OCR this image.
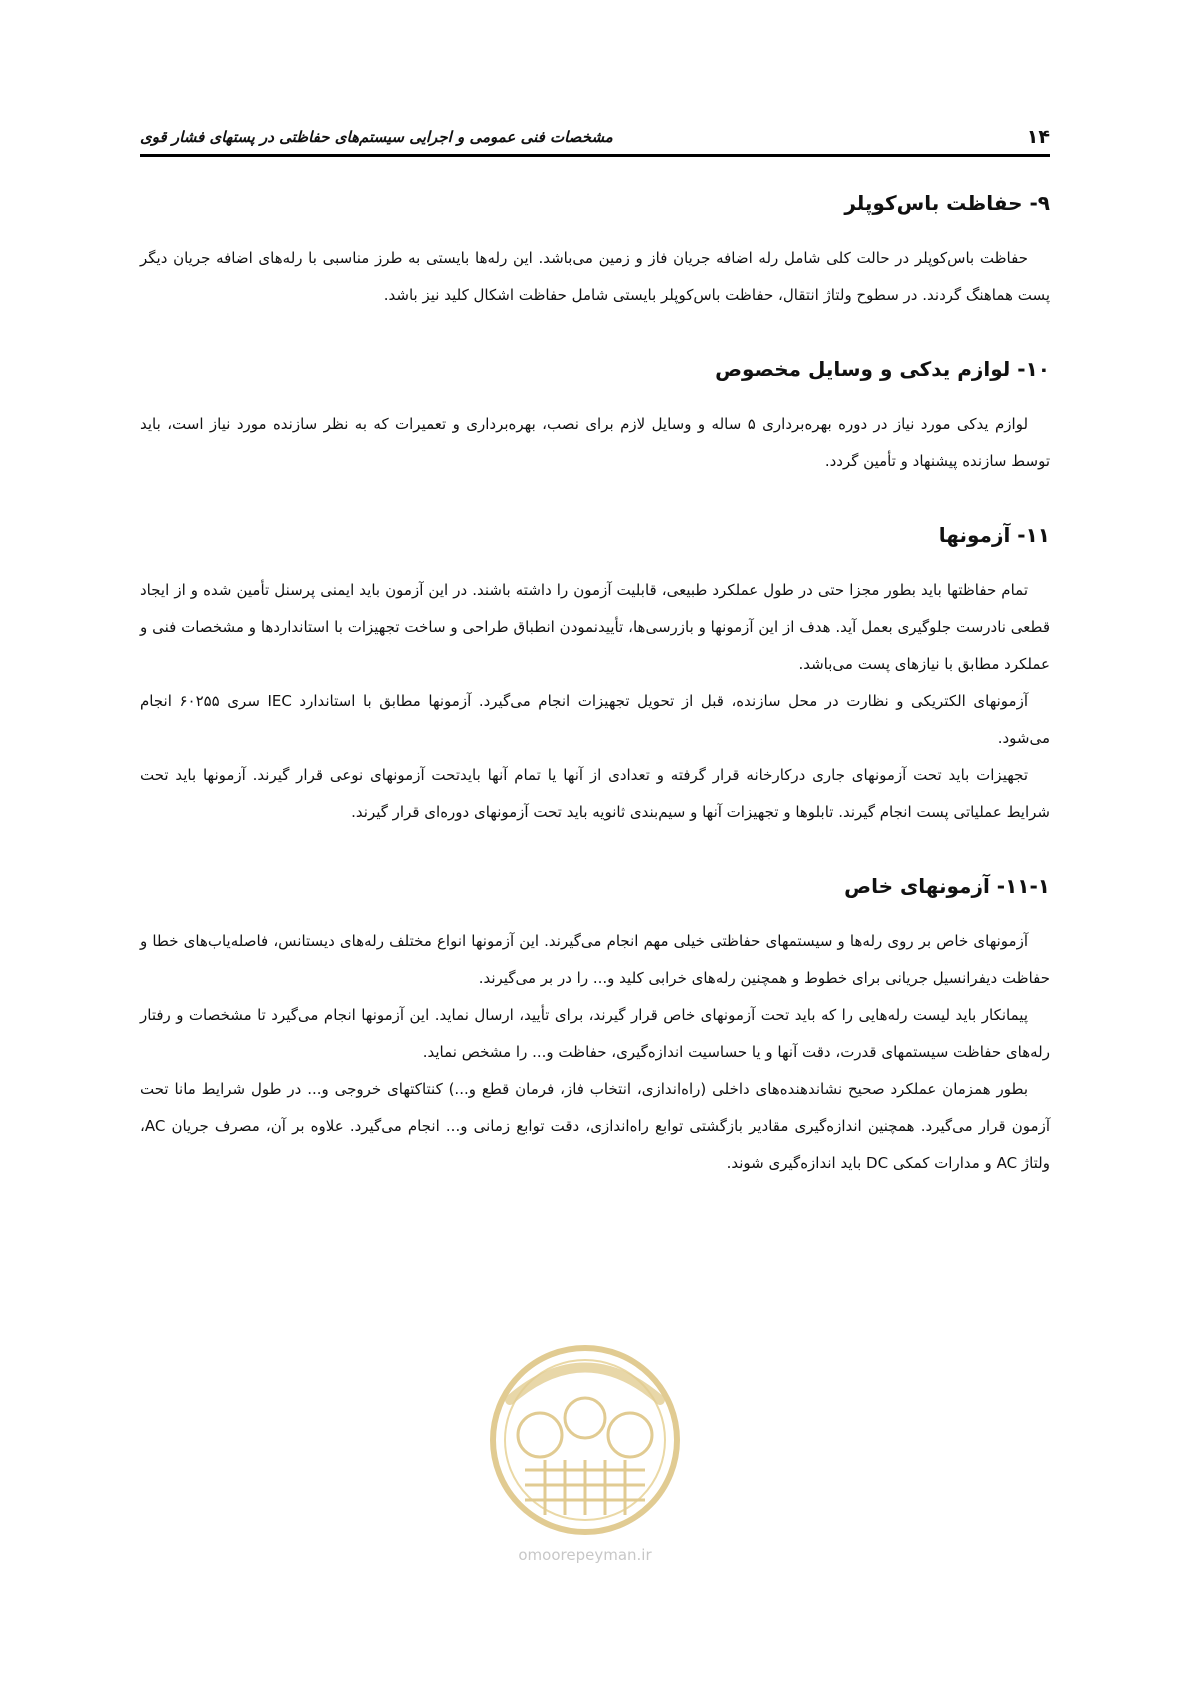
۱۴
مشخصات فنی عمومی و اجرایی سیستم‌های حفاظتی در پستهای فشار قوی
۹- حفاظت باس‌کوپلر

حفاظت باس‌کوپلر در حالت کلی شامل رله اضافه جریان فاز و زمین می‌باشد. این رله‌ها بایستی به طرز مناسبی با رله‌های اضافه جریان دیگر پست هماهنگ گردند. در سطوح ولتاژ انتقال، حفاظت باس‌کوپلر بایستی شامل حفاظت اشکال کلید نیز باشد.

۱۰- لوازم یدکی و وسایل مخصوص

لوازم یدکی مورد نیاز در دوره بهره‌برداری ۵ ساله و وسایل لازم برای نصب، بهره‌برداری و تعمیرات که به نظر سازنده مورد نیاز است، باید توسط سازنده پیشنهاد و تأمین گردد.

۱۱- آزمونها

تمام حفاظتها باید بطور مجزا حتی در طول عملکرد طبیعی، قابلیت آزمون را داشته باشند. در این آزمون باید ایمنی پرسنل تأمین شده و از ایجاد قطعی نادرست جلوگیری بعمل آید. هدف از این آزمونها و بازرسی‌ها، تأییدنمودن انطباق طراحی و ساخت تجهیزات با استانداردها و مشخصات فنی و عملکرد مطابق با نیازهای پست می‌باشد.

آزمونهای الکتریکی و نظارت در محل سازنده، قبل از تحویل تجهیزات انجام می‌گیرد. آزمونها مطابق با استاندارد IEC سری ۶۰۲۵۵ انجام می‌شود.

تجهیزات باید تحت آزمونهای جاری درکارخانه قرار گرفته و تعدادی از آنها یا تمام آنها بایدتحت آزمونهای نوعی قرار گیرند. آزمونها باید تحت شرایط عملیاتی پست انجام گیرند. تابلوها و تجهیزات آنها و سیم‌بندی ثانویه باید تحت آزمونهای دوره‌ای قرار گیرند.

۱۱-۱- آزمونهای خاص

آزمونهای خاص بر روی رله‌ها و سیستمهای حفاظتی خیلی مهم انجام می‌گیرند. این آزمونها انواع مختلف رله‌های دیستانس، فاصله‌یاب‌های خطا و حفاظت دیفرانسیل جریانی برای خطوط و همچنین رله‌های خرابی کلید و... را در بر می‌گیرند.

پیمانکار باید لیست رله‌هایی را که باید تحت آزمونهای خاص قرار گیرند، برای تأیید، ارسال نماید. این آزمونها انجام می‌گیرد تا مشخصات و رفتار رله‌های حفاظت سیستمهای قدرت، دقت آنها و یا حساسیت اندازه‌گیری، حفاظت و... را مشخص نماید.

بطور همزمان عملکرد صحیح نشاندهنده‌های داخلی (راه‌اندازی، انتخاب فاز، فرمان قطع و...) کنتاکتهای خروجی و... در طول شرایط مانا تحت آزمون قرار می‌گیرد. همچنین اندازه‌گیری مقادیر بازگشتی توابع راه‌اندازی، دقت توابع زمانی و... انجام می‌گیرد. علاوه بر آن، مصرف جریان AC، ولتاژ AC و مدارات کمکی DC باید اندازه‌گیری شوند.

omoorepeyman.ir
